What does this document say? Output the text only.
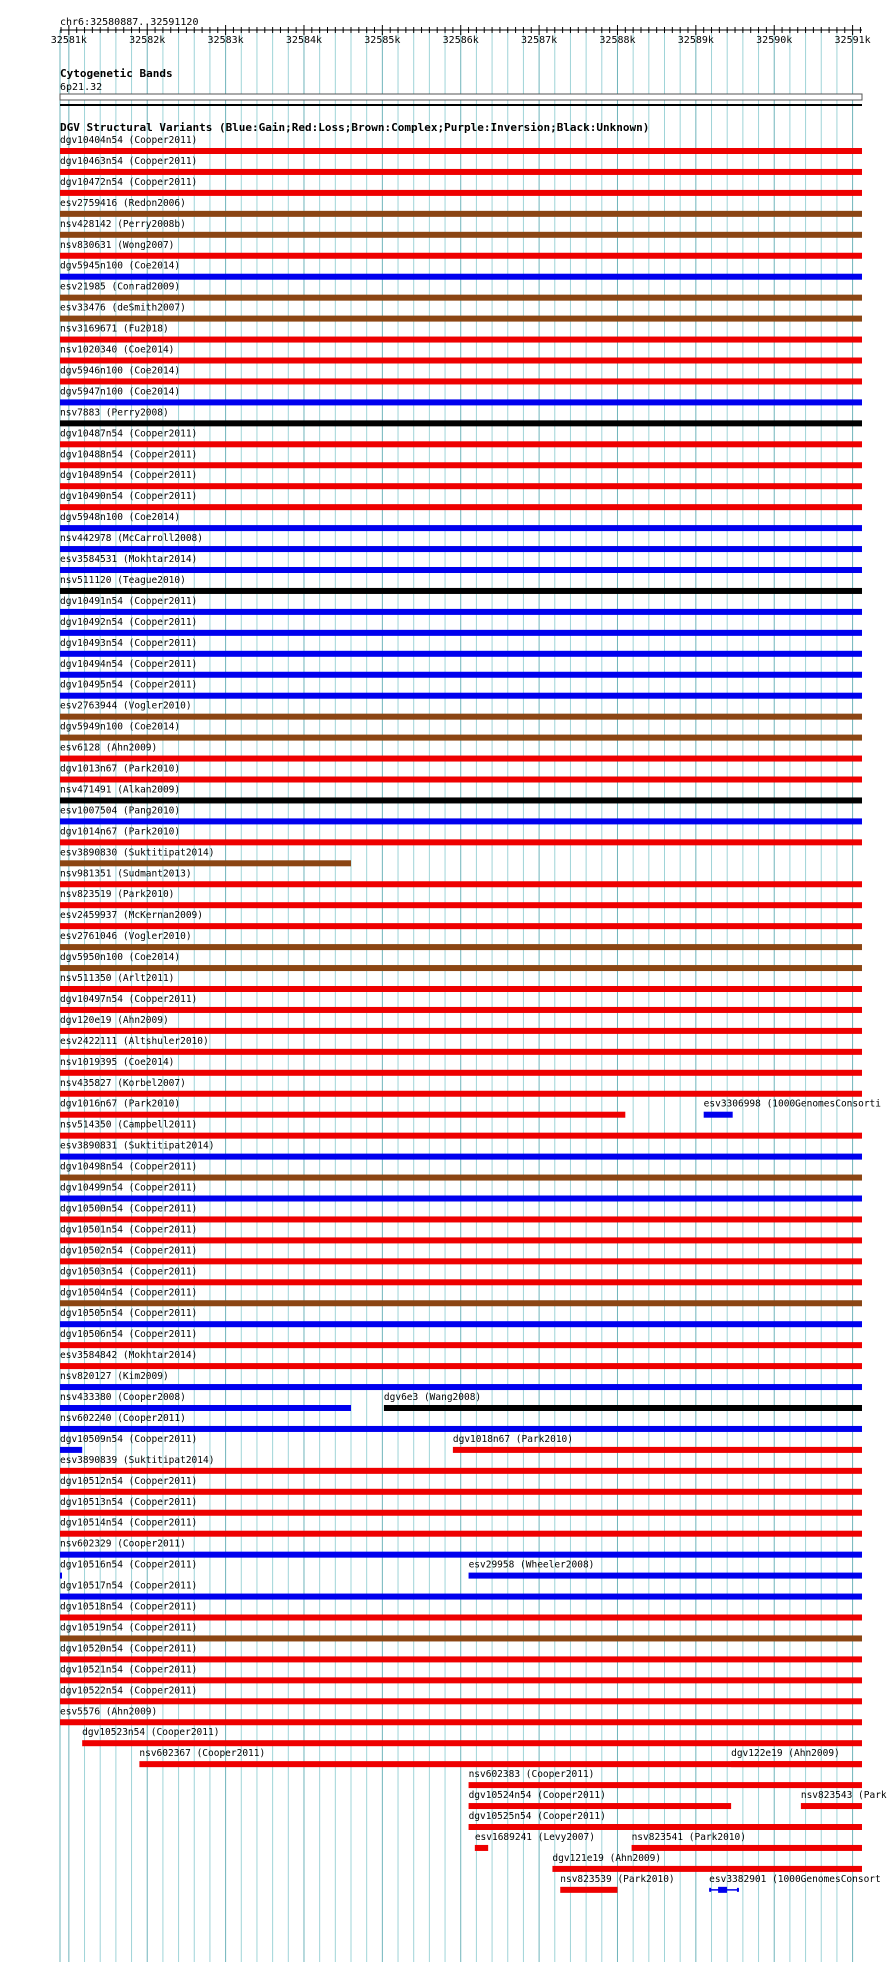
chr6:32580887..32591120
32581k	32582k	32583k	32584k	32585k	32586k	32587k	32588k	32589k	32590k	32591k
Cytogenetic Bands
6p21.32
DGV Structural Variants (Blue:Gain;Red:Loss;Brown:Complex;Purple:Inversion;Black:Unknown)
dgv10404n54 (Cooper2011)
dgv10463n54 (Cooper2011)
dgv10472n54 (Cooper2011)
esv2759416 (Redon2006)
nsv428142 (Perry2008b)
nsv830631 (Wong2007)
dgv5945n100 (Coe2014)
esv21985 (Conrad2009)
esv33476 (deSmith2007)
nsv3169671 (Fu2018)
nsv1020340 (Coe2014)
dgv5946n100 (Coe2014)
dgv5947n100 (Coe2014)
nsv7883 (Perry2008)
dgv10487n54 (Cooper2011)
dgv10488n54 (Cooper2011)
dgv10489n54 (Cooper2011)
dgv10490n54 (Cooper2011)
dgv5948n100 (Coe2014)
nsv442978 (McCarroll2008)
esv3584531 (Mokhtar2014)
nsv511120 (Teague2010)
dgv10491n54 (Cooper2011)
dgv10492n54 (Cooper2011)
dgv10493n54 (Cooper2011)
dgv10494n54 (Cooper2011)
dgv10495n54 (Cooper2011)
esv2763944 (Vogler2010)
dgv5949n100 (Coe2014)
esv6128 (Ahn2009)
dgv1013n67 (Park2010)
nsv471491 (Alkan2009)
esv1007504 (Pang2010)
dgv1014n67 (Park2010)
esv3890830 (Suktitipat2014)
nsv981351 (Sudmant2013)
nsv823519 (Park2010)
esv2459937 (McKernan2009)
esv2761046 (Vogler2010)
dgv5950n100 (Coe2014)
nsv511350 (Arlt2011)
dgv10497n54 (Cooper2011)
dgv120e19 (Ahn2009)
esv2422111 (Altshuler2010)
nsv1019395 (Coe2014)
nsv435827 (Korbel2007)
dgv1016n67 (Park2010)	esv3306998 (1000GenomesConsorti
nsv514350 (Campbell2011)
esv3890831 (Suktitipat2014)
dgv10498n54 (Cooper2011)
dgv10499n54 (Cooper2011)
dgv10500n54 (Cooper2011)
dgv10501n54 (Cooper2011)
dgv10502n54 (Cooper2011)
dgv10503n54 (Cooper2011)
dgv10504n54 (Cooper2011)
dgv10505n54 (Cooper2011)
dgv10506n54 (Cooper2011)
esv3584842 (Mokhtar2014)
nsv820127 (Kim2009)
nsv433380 (Cooper2008)	dgv6e3 (Wang2008)
nsv602240 (Cooper2011)
dgv10509n54 (Cooper2011)	dgv1018n67 (Park2010)
esv3890839 (Suktitipat2014)
dgv10512n54 (Cooper2011)
dgv10513n54 (Cooper2011)
dgv10514n54 (Cooper2011)
nsv602329 (Cooper2011)
dgv10516n54 (Cooper2011)	esv29958 (Wheeler2008)
dgv10517n54 (Cooper2011)
dgv10518n54 (Cooper2011)
dgv10519n54 (Cooper2011)
dgv10520n54 (Cooper2011)
dgv10521n54 (Cooper2011)
dgv10522n54 (Cooper2011)
esv5576 (Ahn2009)
dgv10523n54 (Cooper2011)
nsv602367 (Cooper2011)	dgv122e19 (Ahn2009)
nsv602383 (Cooper2011)
dgv10524n54 (Cooper2011)	nsv823543 (Park
dgv10525n54 (Cooper2011)
esv1689241 (Levy2007)	nsv823541 (Park2010)
dgv121e19 (Ahn2009)
nsv823539 (Park2010)	esv3382901 (1000GenomesConsort
